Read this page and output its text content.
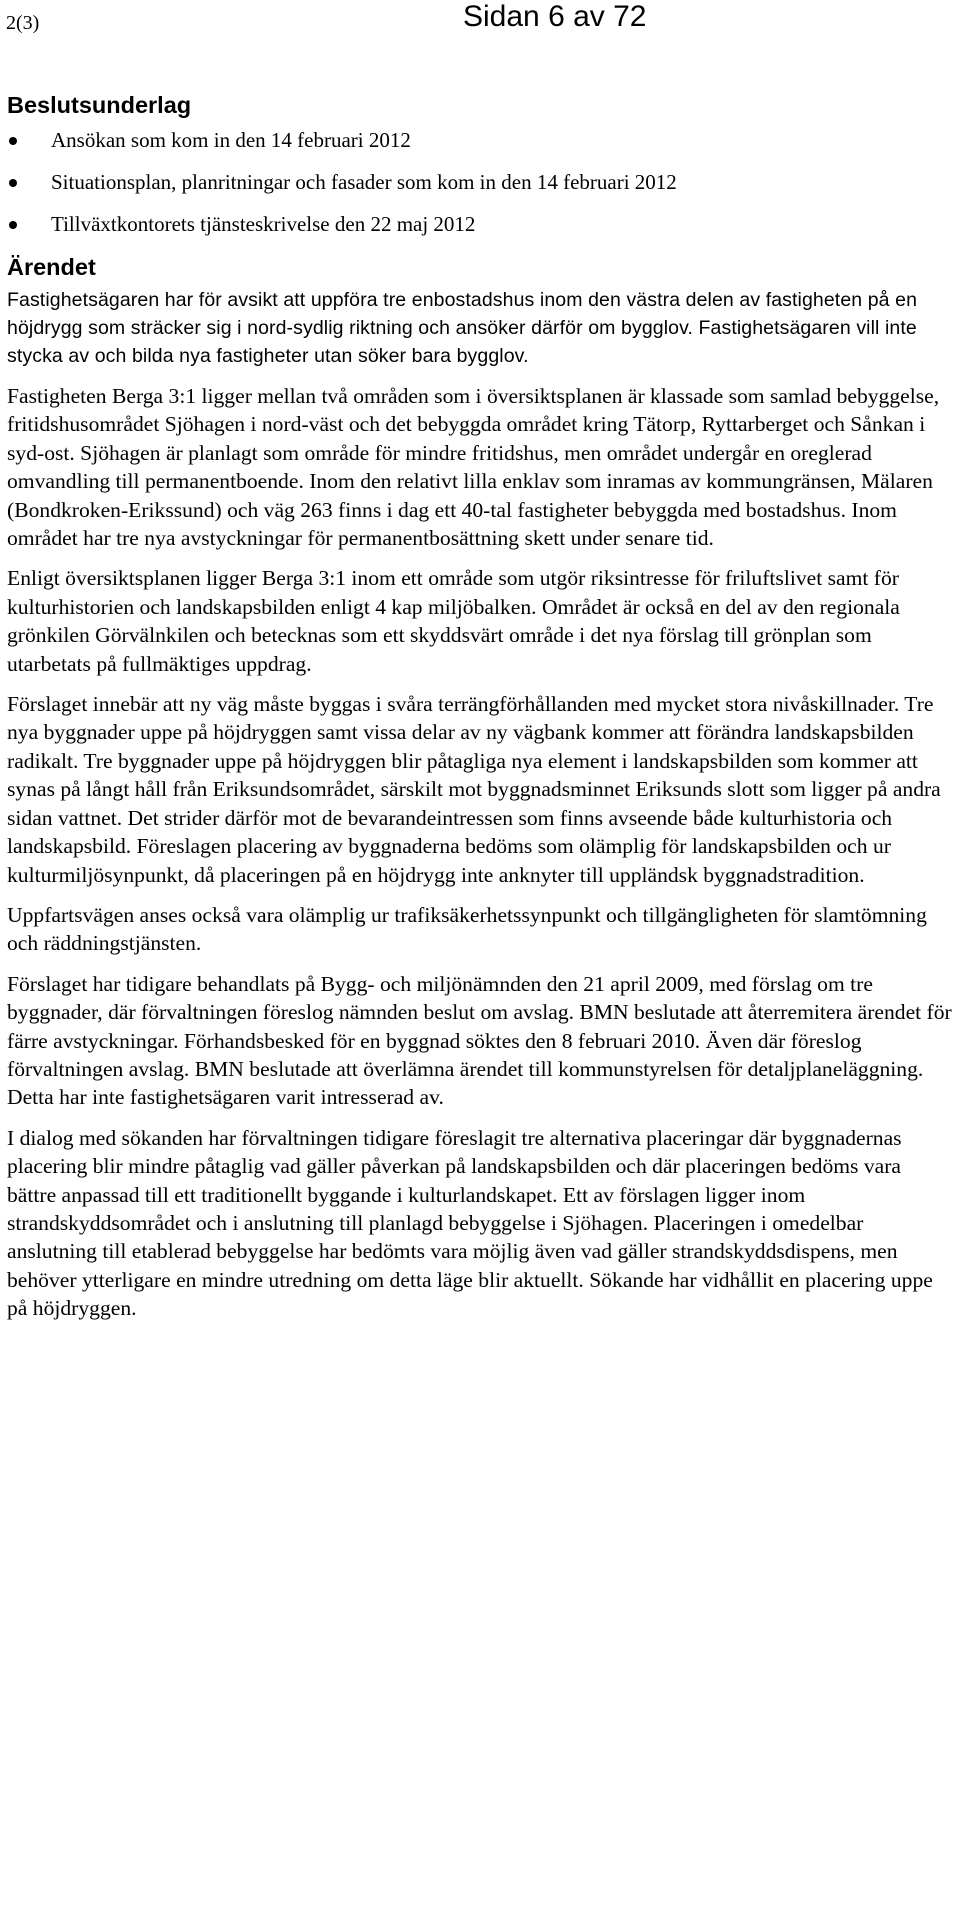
2(3)	Sidan 6 av 72
Beslutsunderlag
Ansökan som kom in den 14 februari 2012
Situationsplan, planritningar och fasader som kom in den 14 februari 2012
Tillväxtkontorets tjänsteskrivelse den 22 maj 2012
Ärendet

Fastighetsägaren har för avsikt att uppföra tre enbostadshus inom den västra delen av fastigheten på en höjdrygg som sträcker sig i nord-sydlig riktning och ansöker därför om bygglov. Fastighetsägaren vill inte stycka av och bilda nya fastigheter utan söker bara bygglov.

Fastigheten Berga 3:1 ligger mellan två områden som i översiktsplanen är klassade som samlad bebyggelse, fritidshusområdet Sjöhagen i nord-väst och det bebyggda området kring Tätorp, Ryttarberget och Sånkan i syd-ost. Sjöhagen är planlagt som område för mindre fritidshus, men området undergår en oreglerad omvandling till permanentboende. Inom den relativt lilla enklav som inramas av kommungränsen, Mälaren (Bondkroken-Erikssund) och väg 263 finns i dag ett 40-tal fastigheter bebyggda med bostadshus. Inom området har tre nya avstyckningar för permanentbosättning skett under senare tid.

Enligt översiktsplanen ligger Berga 3:1 inom ett område som utgör riksintresse för friluftslivet samt för kulturhistorien och landskapsbilden enligt 4 kap miljöbalken. Området är också en del av den regionala grönkilen Görvälnkilen och betecknas som ett skyddsvärt område i det nya förslag till grönplan som utarbetats på fullmäktiges uppdrag.

Förslaget innebär att ny väg måste byggas i svåra terrängförhållanden med mycket stora nivåskillnader. Tre nya byggnader uppe på höjdryggen samt vissa delar av ny vägbank kommer att förändra landskapsbilden radikalt. Tre byggnader uppe på höjdryggen blir påtagliga nya element i landskapsbilden som kommer att synas på långt håll från Eriksundsområdet, särskilt mot byggnadsminnet Eriksunds slott som ligger på andra sidan vattnet. Det strider därför mot de bevarandeintressen som finns avseende både kulturhistoria och landskapsbild. Föreslagen placering av byggnaderna bedöms som olämplig för landskapsbilden och ur kulturmiljösynpunkt, då placeringen på en höjdrygg inte anknyter till uppländsk byggnadstradition.

Uppfartsvägen anses också vara olämplig ur trafiksäkerhetssynpunkt och tillgängligheten för slamtömning och räddningstjänsten.

Förslaget har tidigare behandlats på Bygg- och miljönämnden den 21 april 2009, med förslag om tre byggnader, där förvaltningen föreslog nämnden beslut om avslag. BMN beslutade att återremitera ärendet för färre avstyckningar. Förhandsbesked för en byggnad söktes den 8 februari 2010. Även där föreslog förvaltningen avslag. BMN beslutade att överlämna ärendet till kommunstyrelsen för detaljplaneläggning. Detta har inte fastighetsägaren varit intresserad av.

I dialog med sökanden har förvaltningen tidigare föreslagit tre alternativa placeringar där byggnadernas placering blir mindre påtaglig vad gäller påverkan på landskapsbilden och där placeringen bedöms vara bättre anpassad till ett traditionellt byggande i kulturlandskapet. Ett av förslagen ligger inom strandskyddsområdet och i anslutning till planlagd bebyggelse i Sjöhagen. Placeringen i omedelbar anslutning till etablerad bebyggelse har bedömts vara möjlig även vad gäller strandskyddsdispens, men behöver ytterligare en mindre utredning om detta läge blir aktuellt. Sökande har vidhållit en placering uppe på höjdryggen.
